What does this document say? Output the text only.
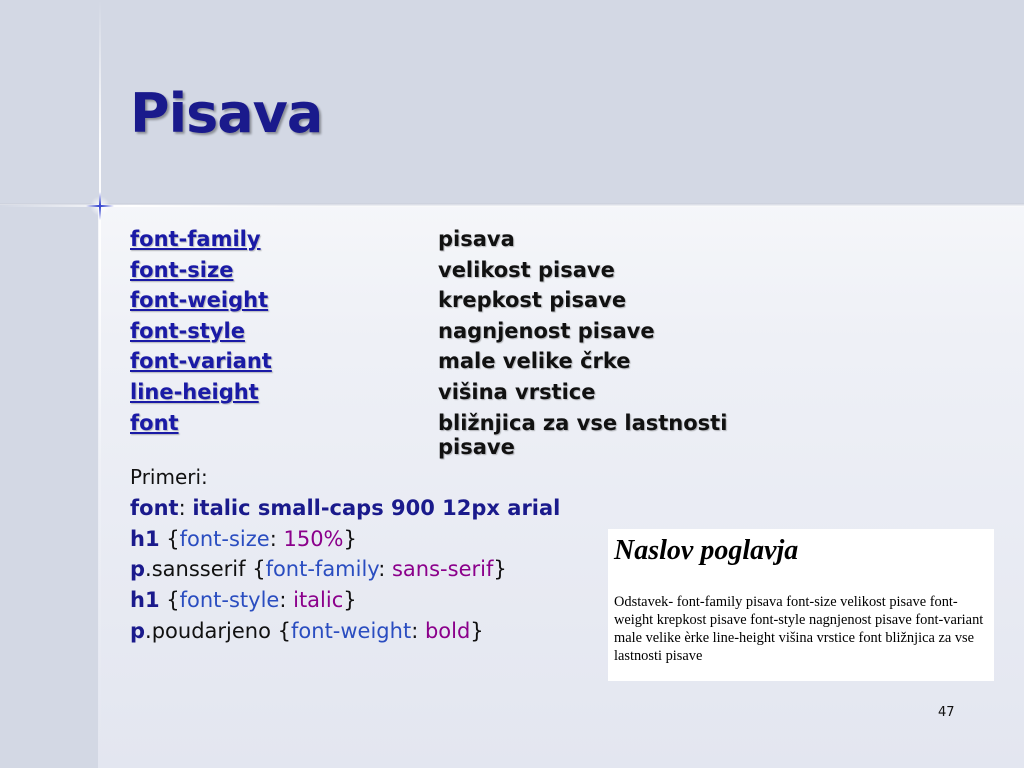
Pisava
font-family	pisava
font-size	velikost pisave
font-weight	krepkost pisave
font-style	nagnjenost pisave
font-variant	male velike črke
line-height	višina vrstice
font	bližnjica za vse lastnosti pisave
Primeri:
font: italic small-caps 900 12px arial
h1 {font-size: 150%}
p.sansserif {font-family: sans-serif}
h1 {font-style: italic}
p.poudarjeno {font-weight: bold}
Naslov poglavja

Odstavek- font-family pisava font-size velikost pisave font-weight krepkost pisave font-style nagnjenost pisave font-variant male velike èrke line-height višina vrstice font bližnjica za vse lastnosti pisave

47
